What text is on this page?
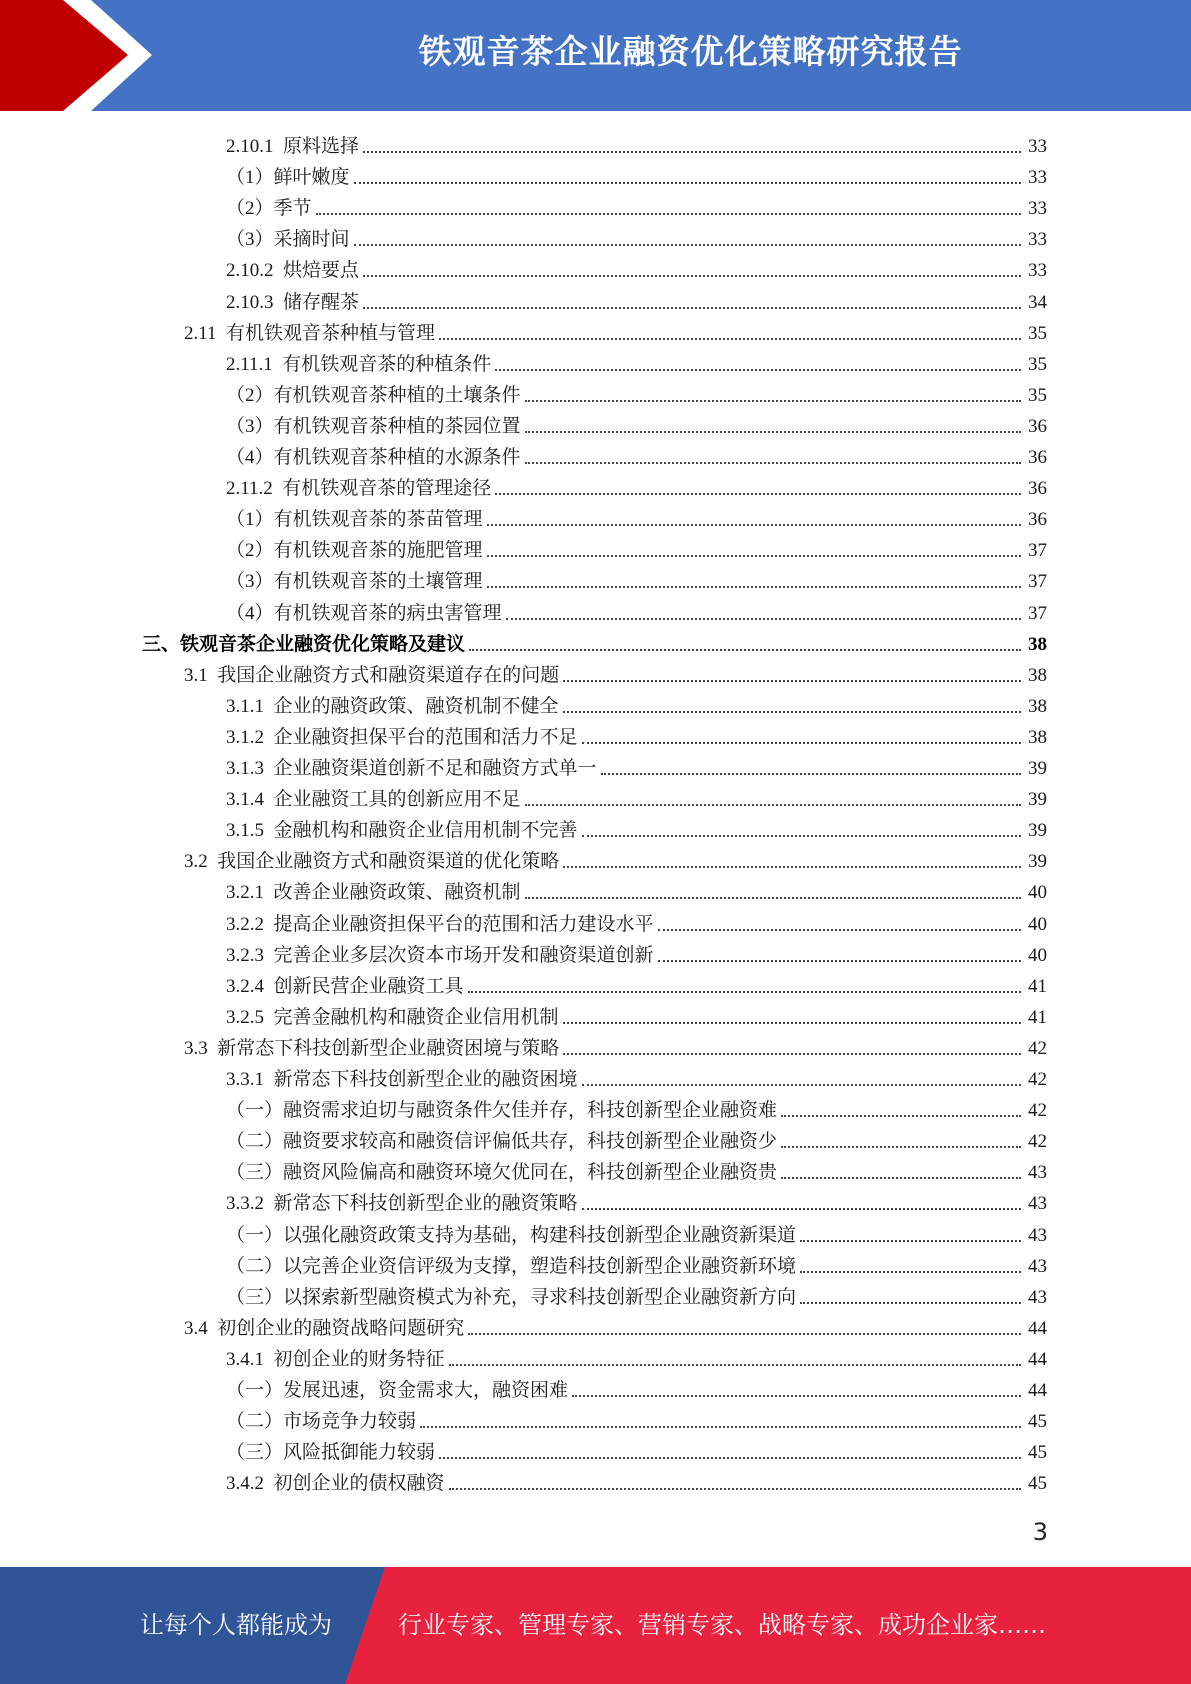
铁观音茶企业融资优化策略研究报告
2.10.1  原料选择	33
（1）鲜叶嫩度	33
（2）季节	33
（3）采摘时间	33
2.10.2  烘焙要点	33
2.10.3  储存醒茶	34
2.11  有机铁观音茶种植与管理	35
2.11.1  有机铁观音茶的种植条件	35
（2）有机铁观音茶种植的土壤条件	35
（3）有机铁观音茶种植的茶园位置	36
（4）有机铁观音茶种植的水源条件	36
2.11.2  有机铁观音茶的管理途径	36
（1）有机铁观音茶的茶苗管理	36
（2）有机铁观音茶的施肥管理	37
（3）有机铁观音茶的土壤管理	37
（4）有机铁观音茶的病虫害管理	37
三、铁观音茶企业融资优化策略及建议	38
3.1  我国企业融资方式和融资渠道存在的问题	38
3.1.1  企业的融资政策、融资机制不健全	38
3.1.2  企业融资担保平台的范围和活力不足	38
3.1.3  企业融资渠道创新不足和融资方式单一	39
3.1.4  企业融资工具的创新应用不足	39
3.1.5  金融机构和融资企业信用机制不完善	39
3.2  我国企业融资方式和融资渠道的优化策略	39
3.2.1  改善企业融资政策、融资机制	40
3.2.2  提高企业融资担保平台的范围和活力建设水平	40
3.2.3  完善企业多层次资本市场开发和融资渠道创新	40
3.2.4  创新民营企业融资工具	41
3.2.5  完善金融机构和融资企业信用机制	41
3.3  新常态下科技创新型企业融资困境与策略	42
3.3.1  新常态下科技创新型企业的融资困境	42
（一）融资需求迫切与融资条件欠佳并存，科技创新型企业融资难	42
（二）融资要求较高和融资信评偏低共存，科技创新型企业融资少	42
（三）融资风险偏高和融资环境欠优同在，科技创新型企业融资贵	43
3.3.2  新常态下科技创新型企业的融资策略	43
（一）以强化融资政策支持为基础，构建科技创新型企业融资新渠道	43
（二）以完善企业资信评级为支撑，塑造科技创新型企业融资新环境	43
（三）以探索新型融资模式为补充，寻求科技创新型企业融资新方向	43
3.4  初创企业的融资战略问题研究	44
3.4.1  初创企业的财务特征	44
（一）发展迅速，资金需求大，融资困难	44
（二）市场竞争力较弱	45
（三）风险抵御能力较弱	45
3.4.2  初创企业的债权融资	45
3
让每个人都能成为	行业专家、管理专家、营销专家、战略专家、成功企业家……
